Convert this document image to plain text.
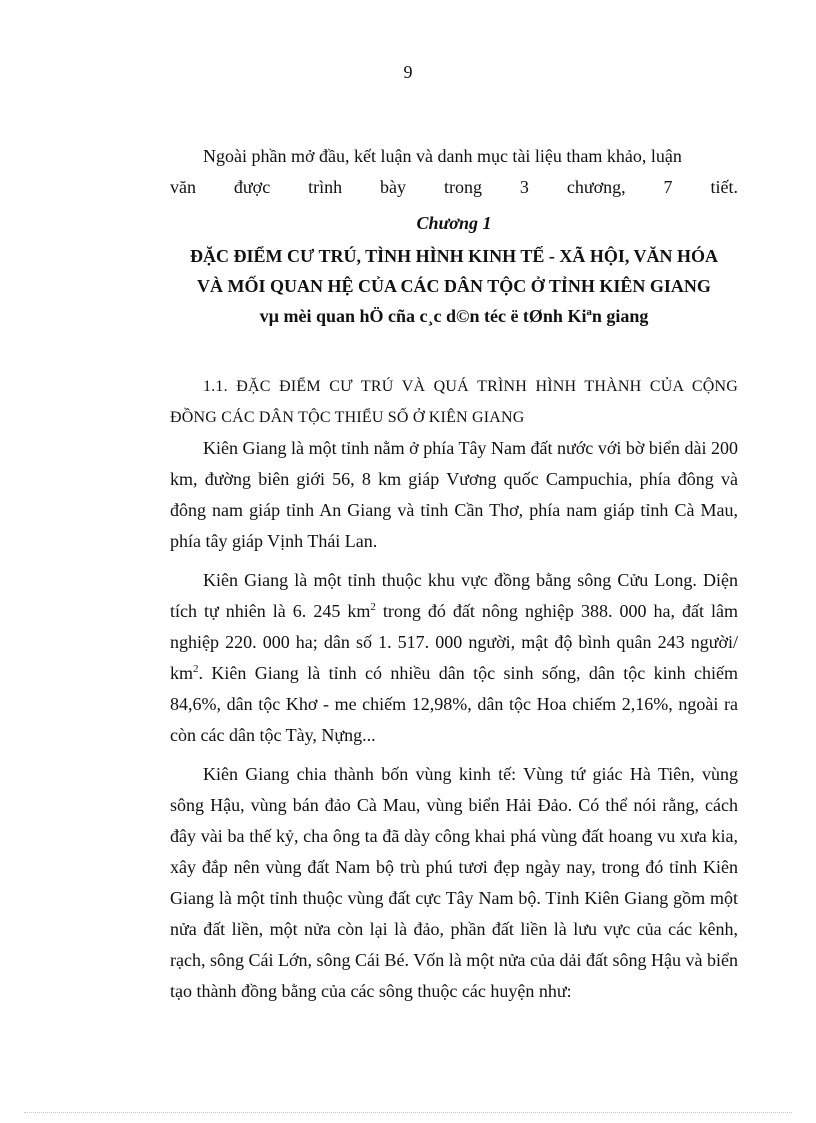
9

Ngoài phần mở đầu, kết luận và danh mục tài liệu tham khảo, luận

văn được trình bày trong 3 chương, 7 tiết.

Chương 1
ĐẶC ĐIỂM CƯ TRÚ, TÌNH HÌNH KINH TẾ - XÃ HỘI, VĂN HÓA
VÀ MỐI QUAN HỆ CỦA CÁC DÂN TỘC Ở TỈNH KIÊN GIANG
vµ mèi quan hÖ cña c¸c d©n téc ë tØnh Kiªn giang
1.1. ĐẶC ĐIỂM CƯ TRÚ VÀ QUÁ TRÌNH HÌNH THÀNH CỦA CỘNG ĐỒNG CÁC DÂN TỘC THIỂU SỐ Ở KIÊN GIANG

Kiên Giang là một tỉnh nằm ở phía Tây Nam đất nước với bờ biển dài 200 km, đường biên giới 56, 8 km giáp Vương quốc Campuchia, phía đông và đông nam giáp tỉnh An Giang và tỉnh Cần Thơ, phía nam giáp tỉnh Cà Mau, phía tây giáp Vịnh Thái Lan.

Kiên Giang là một tỉnh thuộc khu vực đồng bằng sông Cửu Long. Diện tích tự nhiên là 6. 245 $km^2$ trong đó đất nông nghiệp 388. 000 ha, đất lâm nghiệp 220. 000 ha; dân số 1. 517. 000 người, mật độ bình quân 243 người/ $km^2$. Kiên Giang là tỉnh có nhiều dân tộc sinh sống, dân tộc kinh chiếm 84,6%, dân tộc Khơ - me chiếm 12,98%, dân tộc Hoa chiếm 2,16%, ngoài ra còn các dân tộc Tày, Nựng...

Kiên Giang chia thành bốn vùng kinh tế: Vùng tứ giác Hà Tiên, vùng sông Hậu, vùng bán đảo Cà Mau, vùng biển Hải Đảo. Có thể nói rằng, cách đây vài ba thế kỷ, cha ông ta đã dày công khai phá vùng đất hoang vu xưa kia, xây đắp nên vùng đất Nam bộ trù phú tươi đẹp ngày nay, trong đó tỉnh Kiên Giang là một tỉnh thuộc vùng đất cực Tây Nam bộ. Tỉnh Kiên Giang gồm một nửa đất liền, một nửa còn lại là đảo, phần đất liền là lưu vực của các kênh, rạch, sông Cái Lớn, sông Cái Bé. Vốn là một nửa của dải đất sông Hậu và biển tạo thành đồng bằng của các sông thuộc các huyện như:
